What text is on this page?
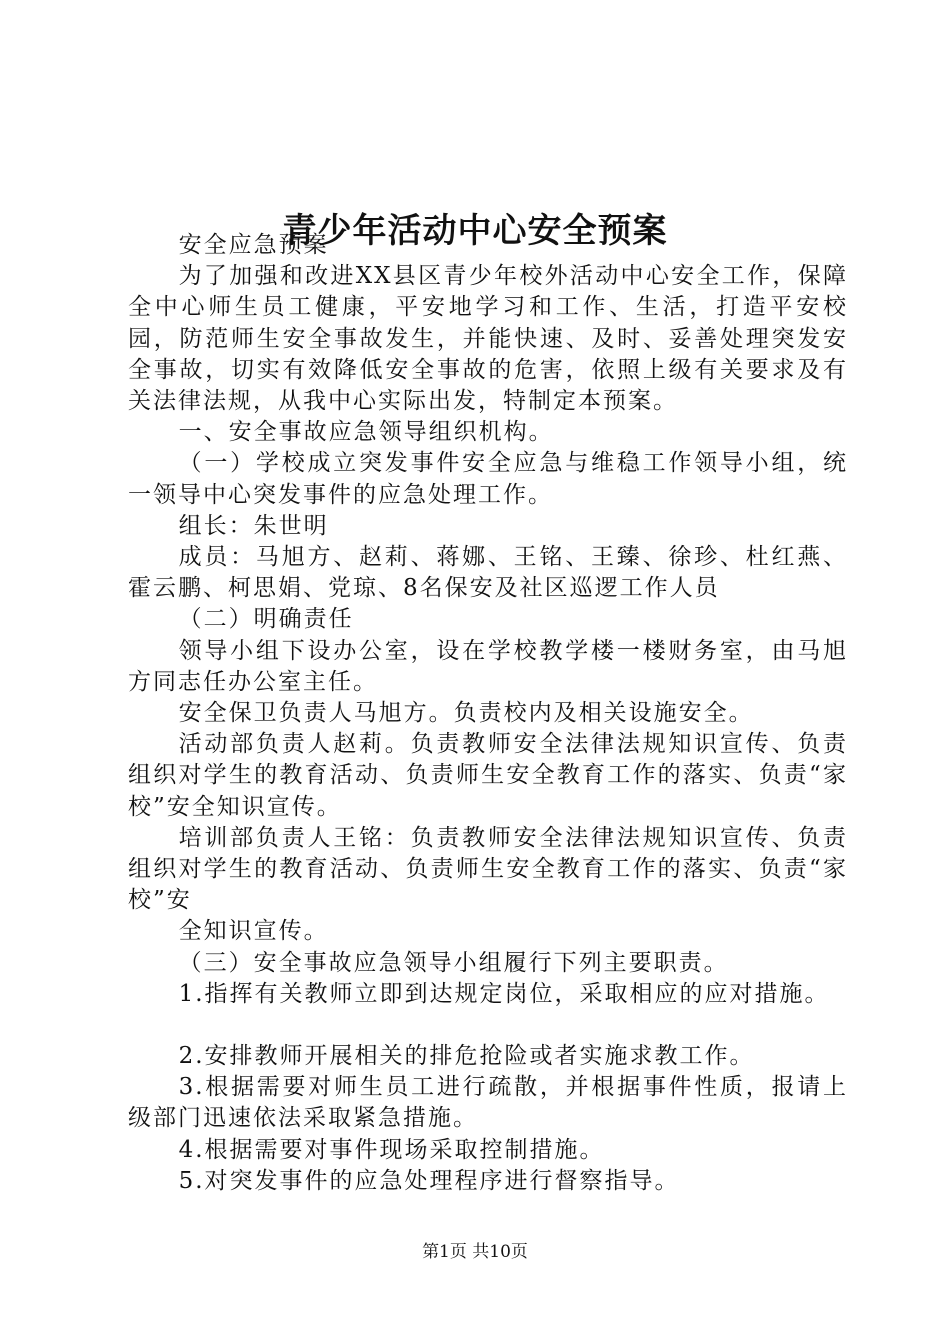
青少年活动中心安全预案

安全应急预案

为了加强和改进XX县区青少年校外活动中心安全工作，保障全中心师生员工健康，平安地学习和工作、生活，打造平安校园，防范师生安全事故发生，并能快速、及时、妥善处理突发安全事故，切实有效降低安全事故的危害，依照上级有关要求及有关法律法规，从我中心实际出发，特制定本预案。

一、安全事故应急领导组织机构。

（一）学校成立突发事件安全应急与维稳工作领导小组，统一领导中心突发事件的应急处理工作。

组长：朱世明

成员：马旭方、赵莉、蒋娜、王铭、王臻、徐珍、杜红燕、霍云鹏、柯思娟、党琼、8名保安及社区巡逻工作人员

（二）明确责任

领导小组下设办公室，设在学校教学楼一楼财务室，由马旭方同志任办公室主任。

安全保卫负责人马旭方。负责校内及相关设施安全。

活动部负责人赵莉。负责教师安全法律法规知识宣传、负责组织对学生的教育活动、负责师生安全教育工作的落实、负责“家校”安全知识宣传。

培训部负责人王铭：负责教师安全法律法规知识宣传、负责组织对学生的教育活动、负责师生安全教育工作的落实、负责“家校”安

全知识宣传。

（三）安全事故应急领导小组履行下列主要职责。

1.指挥有关教师立即到达规定岗位，采取相应的应对措施。

2.安排教师开展相关的排危抢险或者实施求教工作。

3.根据需要对师生员工进行疏散，并根据事件性质，报请上级部门迅速依法采取紧急措施。

4.根据需要对事件现场采取控制措施。

5.对突发事件的应急处理程序进行督察指导。

第1页 共10页
